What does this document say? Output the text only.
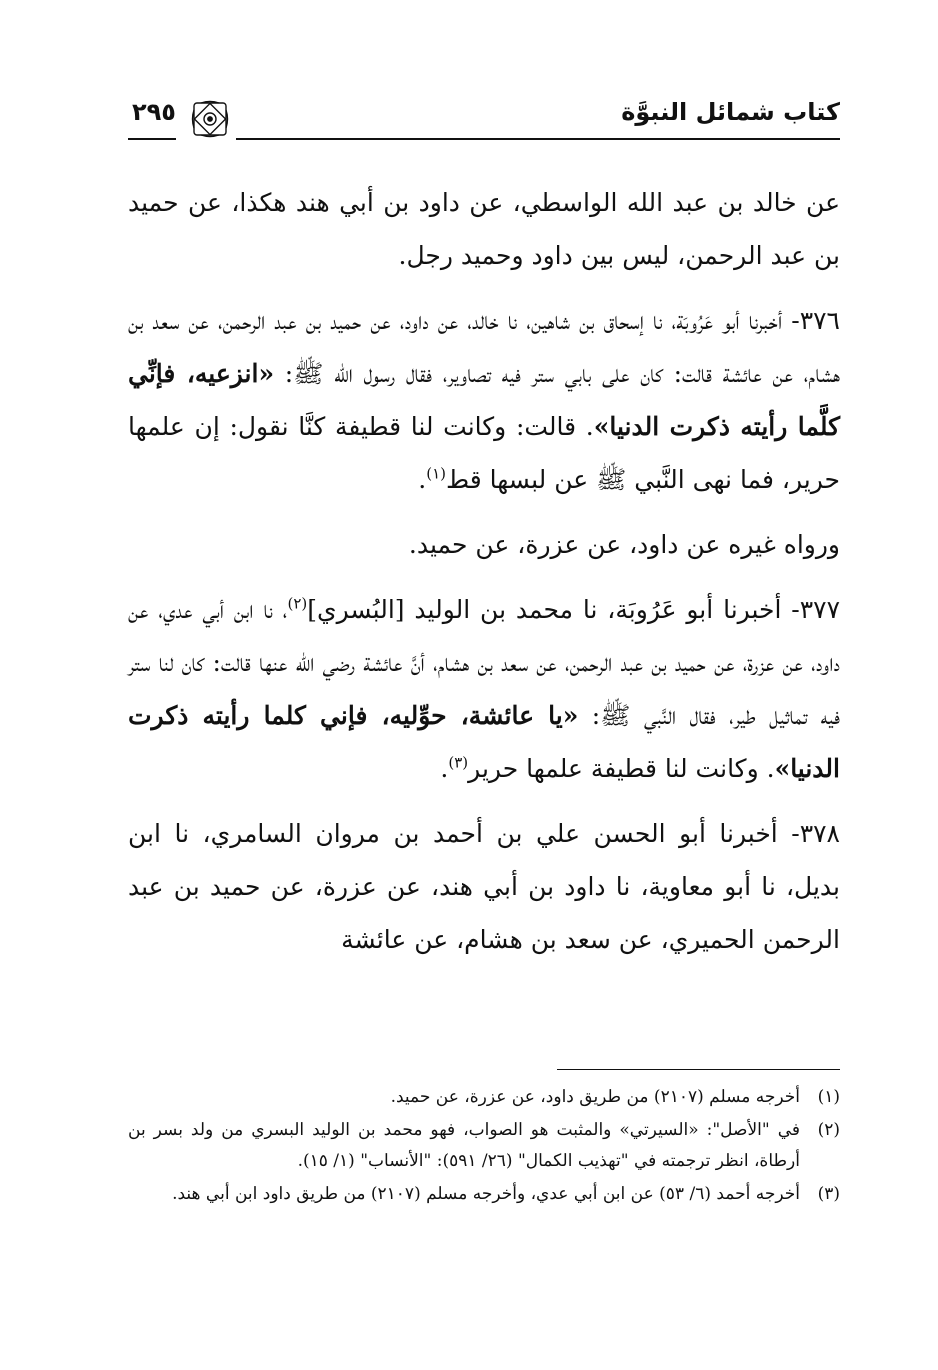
كتاب شمائل النبوَّة
٢٩٥

عن خالد بن عبد الله الواسطي، عن داود بن أبي هند هكذا، عن حميد بن عبد الرحمن، ليس بين داود وحميد رجل.

٣٧٦- أخبرنا أبو عَرُوبَة، نا إسحاق بن شاهين، نا خالد، عن داود، عن حميد بن عبد الرحمن، عن سعد بن هشام، عن عائشة قالت: كان على بابي ستر فيه تصاوير، فقال رسول الله ﷺ: «انزعيه، فإنِّي كلَّما رأيته ذكرت الدنيا». قالت: وكانت لنا قطيفة كنَّا نقول: إن علمها حرير، فما نهى النَّبي ﷺ عن لبسها قط$^{(١)}$.

ورواه غيره عن داود، عن عزرة، عن حميد.

٣٧٧- أخبرنا أبو عَرُوبَة، نا محمد بن الوليد [البُسري]$^{(٢)}$، نا ابن أبي عدي، عن داود، عن عزرة، عن حميد بن عبد الرحمن، عن سعد بن هشام، أنَّ عائشة رضي الله عنها قالت: كان لنا ستر فيه تماثيل طير، فقال النَّبي ﷺ: «يا عائشة، حوِّليه، فإني كلما رأيته ذكرت الدنيا». وكانت لنا قطيفة علمها حرير$^{(٣)}$.

٣٧٨- أخبرنا أبو الحسن علي بن أحمد بن مروان السامري، نا ابن بديل، نا أبو معاوية، نا داود بن أبي هند، عن عزرة، عن حميد بن عبد الرحمن الحميري، عن سعد بن هشام، عن عائشة

(١)
أخرجه مسلم (٢١٠٧) من طريق داود، عن عزرة، عن حميد.
(٢)
في "الأصل": «السيرتي» والمثبت هو الصواب، فهو محمد بن الوليد البسري من ولد بسر بن أرطاة، انظر ترجمته في "تهذيب الكمال" (٢٦/ ٥٩١): "الأنساب" (١/ ١٥).
(٣)
أخرجه أحمد (٦/ ٥٣) عن ابن أبي عدي، وأخرجه مسلم (٢١٠٧) من طريق داود ابن أبي هند.
